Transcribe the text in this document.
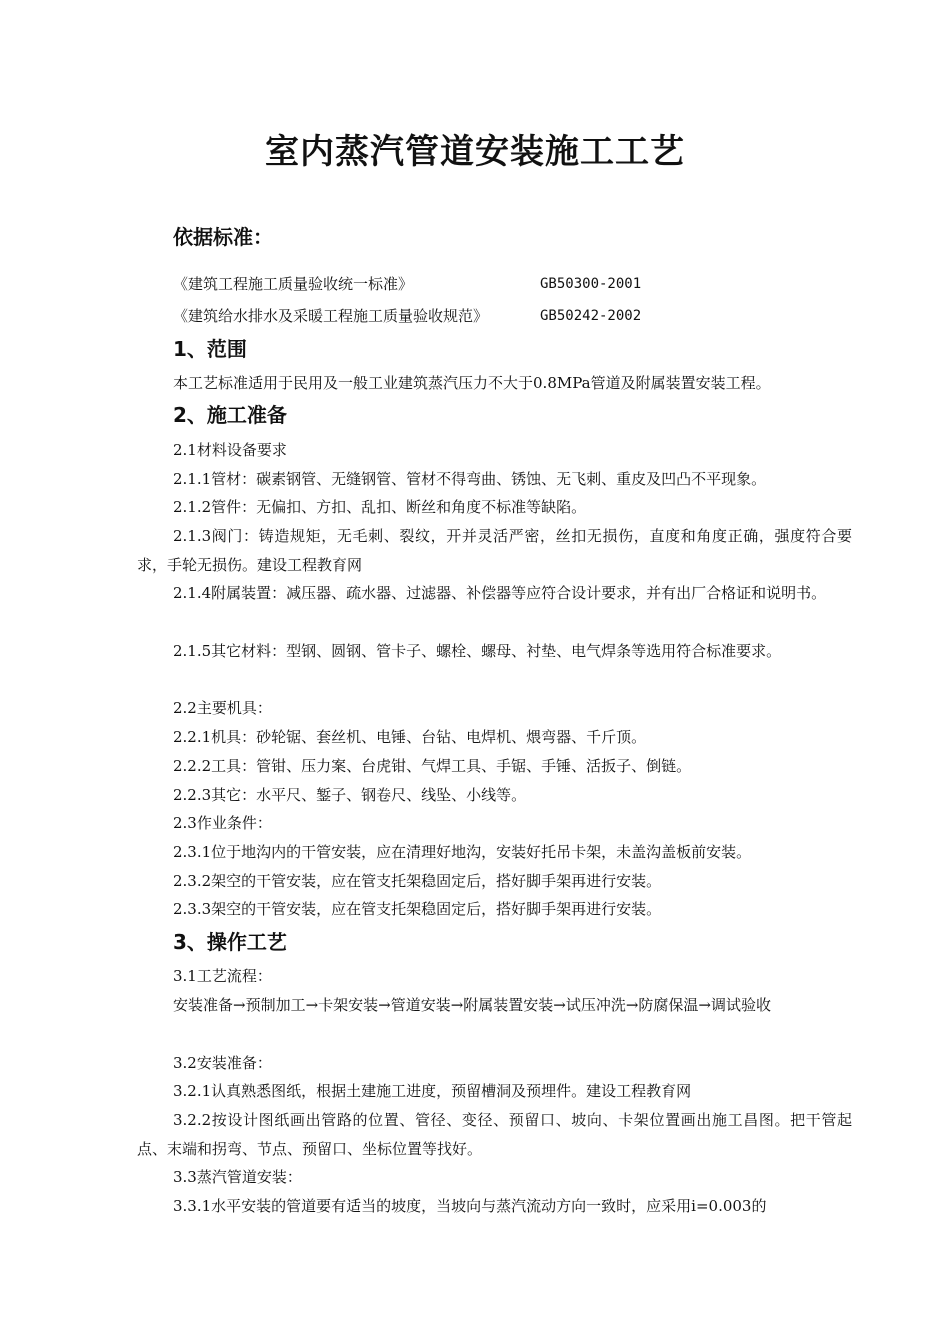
室内蒸汽管道安装施工工艺
依据标准：
《建筑工程施工质量验收统一标准》	GB50300-2001
《建筑给水排水及采暖工程施工质量验收规范》	GB50242-2002
1、范围
本工艺标准适用于民用及一般工业建筑蒸汽压力不大于0.8MPa管道及附属装置安装工程。
2、施工准备
2.1材料设备要求
2.1.1管材：碳素钢管、无缝钢管、管材不得弯曲、锈蚀、无飞刺、重皮及凹凸不平现象。
2.1.2管件：无偏扣、方扣、乱扣、断丝和角度不标准等缺陷。
2.1.3阀门：铸造规矩，无毛刺、裂纹，开并灵活严密，丝扣无损伤，直度和角度正确，强度符合要求，手轮无损伤。建设工程教育网
2.1.4附属装置：减压器、疏水器、过滤器、补偿器等应符合设计要求，并有出厂合格证和说明书。
2.1.5其它材料：型钢、圆钢、管卡子、螺栓、螺母、衬垫、电气焊条等选用符合标准要求。
2.2主要机具：
2.2.1机具：砂轮锯、套丝机、电锤、台钻、电焊机、煨弯器、千斤顶。
2.2.2工具：管钳、压力案、台虎钳、气焊工具、手锯、手锤、活扳子、倒链。
2.2.3其它：水平尺、錾子、钢卷尺、线坠、小线等。
2.3作业条件：
2.3.1位于地沟内的干管安装，应在清理好地沟，安装好托吊卡架，未盖沟盖板前安装。
2.3.2架空的干管安装，应在管支托架稳固定后，搭好脚手架再进行安装。
2.3.3架空的干管安装，应在管支托架稳固定后，搭好脚手架再进行安装。
3、操作工艺
3.1工艺流程：
安装准备→预制加工→卡架安装→管道安装→附属装置安装→试压冲洗→防腐保温→调试验收
3.2安装准备：
3.2.1认真熟悉图纸，根据土建施工进度，预留槽洞及预埋件。建设工程教育网
3.2.2按设计图纸画出管路的位置、管径、变径、预留口、坡向、卡架位置画出施工昌图。把干管起点、末端和拐弯、节点、预留口、坐标位置等找好。
3.3蒸汽管道安装：
3.3.1水平安装的管道要有适当的坡度，当坡向与蒸汽流动方向一致时，应采用i=0.003的
